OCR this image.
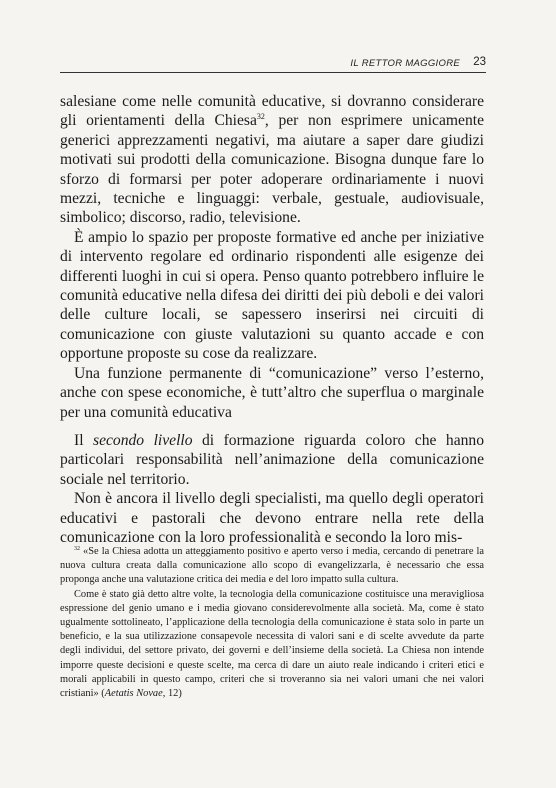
IL RETTOR MAGGIORE 23

salesiane come nelle comunità educative, si dovranno considerare gli orientamenti della Chiesa$^{32}$, per non esprimere unicamente generici apprezzamenti negativi, ma aiutare a saper dare giudizi motivati sui prodotti della comunicazione. Bisogna dunque fare lo sforzo di formarsi per poter adoperare ordinariamente i nuovi mezzi, tecniche e linguaggi: verbale, gestuale, audiovisuale, simbolico; discorso, radio, televisione.

È ampio lo spazio per proposte formative ed anche per iniziative di intervento regolare ed ordinario rispondenti alle esigenze dei differenti luoghi in cui si opera. Penso quanto potrebbero influire le comunità educative nella difesa dei diritti dei più deboli e dei valori delle culture locali, se sapessero inserirsi nei circuiti di comunicazione con giuste valutazioni su quanto accade e con opportune proposte su cose da realizzare.

Una funzione permanente di “comunicazione” verso l’esterno, anche con spese economiche, è tutt’altro che superflua o marginale per una comunità educativa

Il secondo livello di formazione riguarda coloro che hanno particolari responsabilità nell’animazione della comunicazione sociale nel territorio.

Non è ancora il livello degli specialisti, ma quello degli operatori educativi e pastorali che devono entrare nella rete della comunicazione con la loro professionalità e secondo la loro mis-

$^{32}$ «Se la Chiesa adotta un atteggiamento positivo e aperto verso i media, cercando di penetrare la nuova cultura creata dalla comunicazione allo scopo di evangelizzarla, è necessario che essa proponga anche una valutazione critica dei media e del loro impatto sulla cultura.

Come è stato già detto altre volte, la tecnologia della comunicazione costituisce una meravigliosa espressione del genio umano e i media giovano considerevolmente alla società. Ma, come è stato ugualmente sottolineato, l’applicazione della tecnologia della comunicazione è stata solo in parte un beneficio, e la sua utilizzazione consapevole necessita di valori sani e di scelte avvedute da parte degli individui, del settore privato, dei governi e dell’insieme della società. La Chiesa non intende imporre queste decisioni e queste scelte, ma cerca di dare un aiuto reale indicando i criteri etici e morali applicabili in questo campo, criteri che si troveranno sia nei valori umani che nei valori cristiani» (Aetatis Novae, 12)
